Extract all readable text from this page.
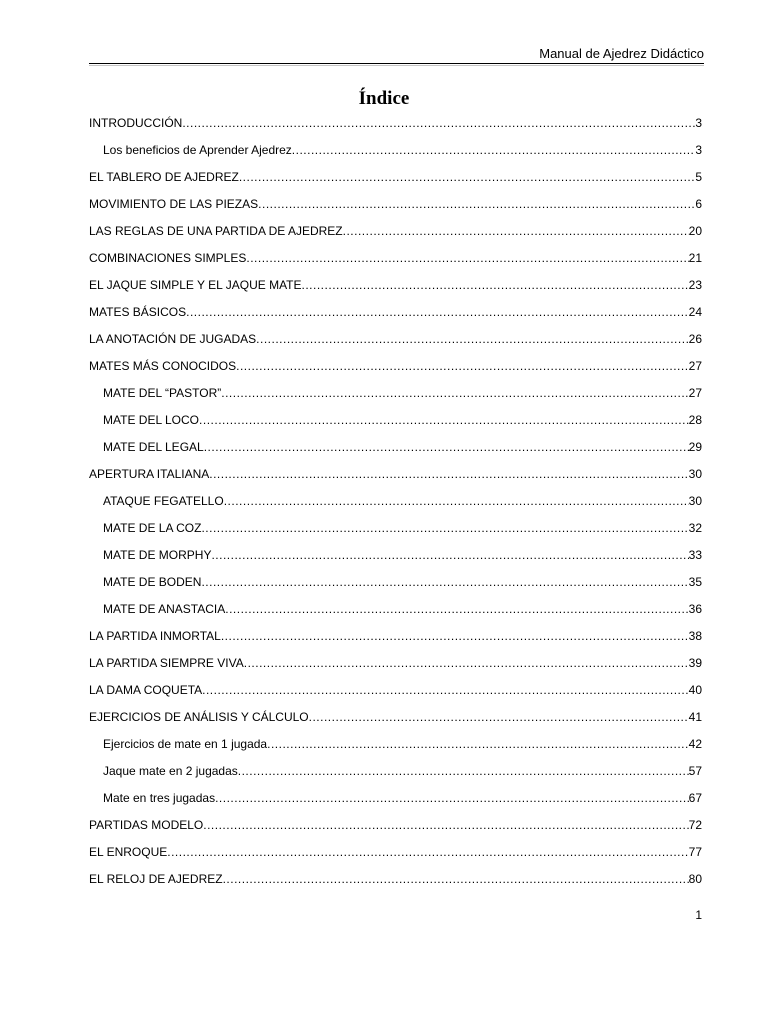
Manual de Ajedrez Didáctico
Índice
INTRODUCCIÓN .....	3
Los beneficios de Aprender Ajedrez .....	3
EL TABLERO DE AJEDREZ .....	5
MOVIMIENTO DE LAS PIEZAS .....	6
LAS REGLAS DE UNA PARTIDA DE AJEDREZ .....	20
COMBINACIONES SIMPLES .....	21
EL JAQUE SIMPLE Y EL JAQUE MATE .....	23
MATES BÁSICOS .....	24
LA ANOTACIÓN DE JUGADAS .....	26
MATES MÁS CONOCIDOS .....	27
MATE DEL “PASTOR” .....	27
MATE DEL LOCO .....	28
MATE DEL LEGAL .....	29
APERTURA ITALIANA .....	30
ATAQUE FEGATELLO .....	30
MATE DE LA COZ .....	32
MATE DE MORPHY .....	33
MATE DE BODEN .....	35
MATE DE ANASTACIA .....	36
LA PARTIDA INMORTAL .....	38
LA PARTIDA SIEMPRE VIVA .....	39
LA DAMA COQUETA .....	40
EJERCICIOS DE ANÁLISIS Y CÁLCULO .....	41
Ejercicios de mate en 1 jugada .....	42
Jaque mate en 2 jugadas .....	57
Mate en tres jugadas .....	67
PARTIDAS MODELO .....	72
EL ENROQUE .....	77
EL RELOJ DE AJEDREZ .....	80
1
